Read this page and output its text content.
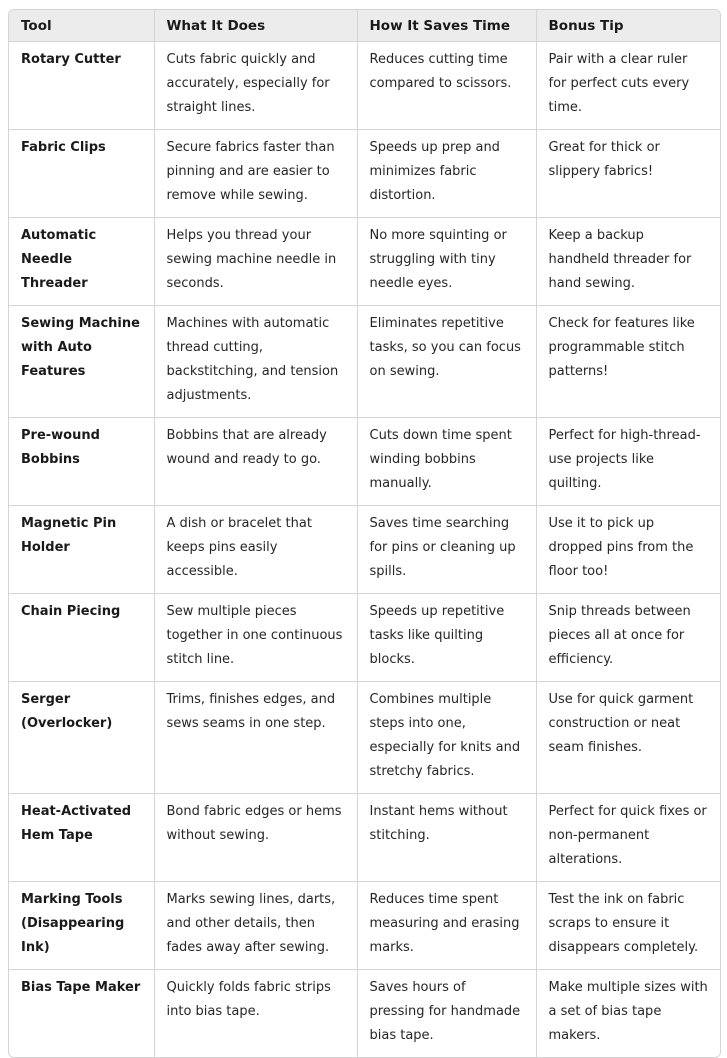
Tool	What It Does	How It Saves Time	Bonus Tip
Rotary Cutter	Cuts fabric quickly and accurately, especially for straight lines.	Reduces cutting time compared to scissors.	Pair with a clear ruler for perfect cuts every time.
Fabric Clips	Secure fabrics faster than pinning and are easier to remove while sewing.	Speeds up prep and minimizes fabric distortion.	Great for thick or slippery fabrics!
Automatic Needle Threader	Helps you thread your sewing machine needle in seconds.	No more squinting or struggling with tiny needle eyes.	Keep a backup handheld threader for hand sewing.
Sewing Machine with Auto Features	Machines with automatic thread cutting, backstitching, and tension adjustments.	Eliminates repetitive tasks, so you can focus on sewing.	Check for features like programmable stitch patterns!
Pre-wound Bobbins	Bobbins that are already wound and ready to go.	Cuts down time spent winding bobbins manually.	Perfect for high-thread-use projects like quilting.
Magnetic Pin Holder	A dish or bracelet that keeps pins easily accessible.	Saves time searching for pins or cleaning up spills.	Use it to pick up dropped pins from the floor too!
Chain Piecing	Sew multiple pieces together in one continuous stitch line.	Speeds up repetitive tasks like quilting blocks.	Snip threads between pieces all at once for efficiency.
Serger (Overlocker)	Trims, finishes edges, and sews seams in one step.	Combines multiple steps into one, especially for knits and stretchy fabrics.	Use for quick garment construction or neat seam finishes.
Heat-Activated Hem Tape	Bond fabric edges or hems without sewing.	Instant hems without stitching.	Perfect for quick fixes or non-permanent alterations.
Marking Tools (Disappearing Ink)	Marks sewing lines, darts, and other details, then fades away after sewing.	Reduces time spent measuring and erasing marks.	Test the ink on fabric scraps to ensure it disappears completely.
Bias Tape Maker	Quickly folds fabric strips into bias tape.	Saves hours of pressing for handmade bias tape.	Make multiple sizes with a set of bias tape makers.
